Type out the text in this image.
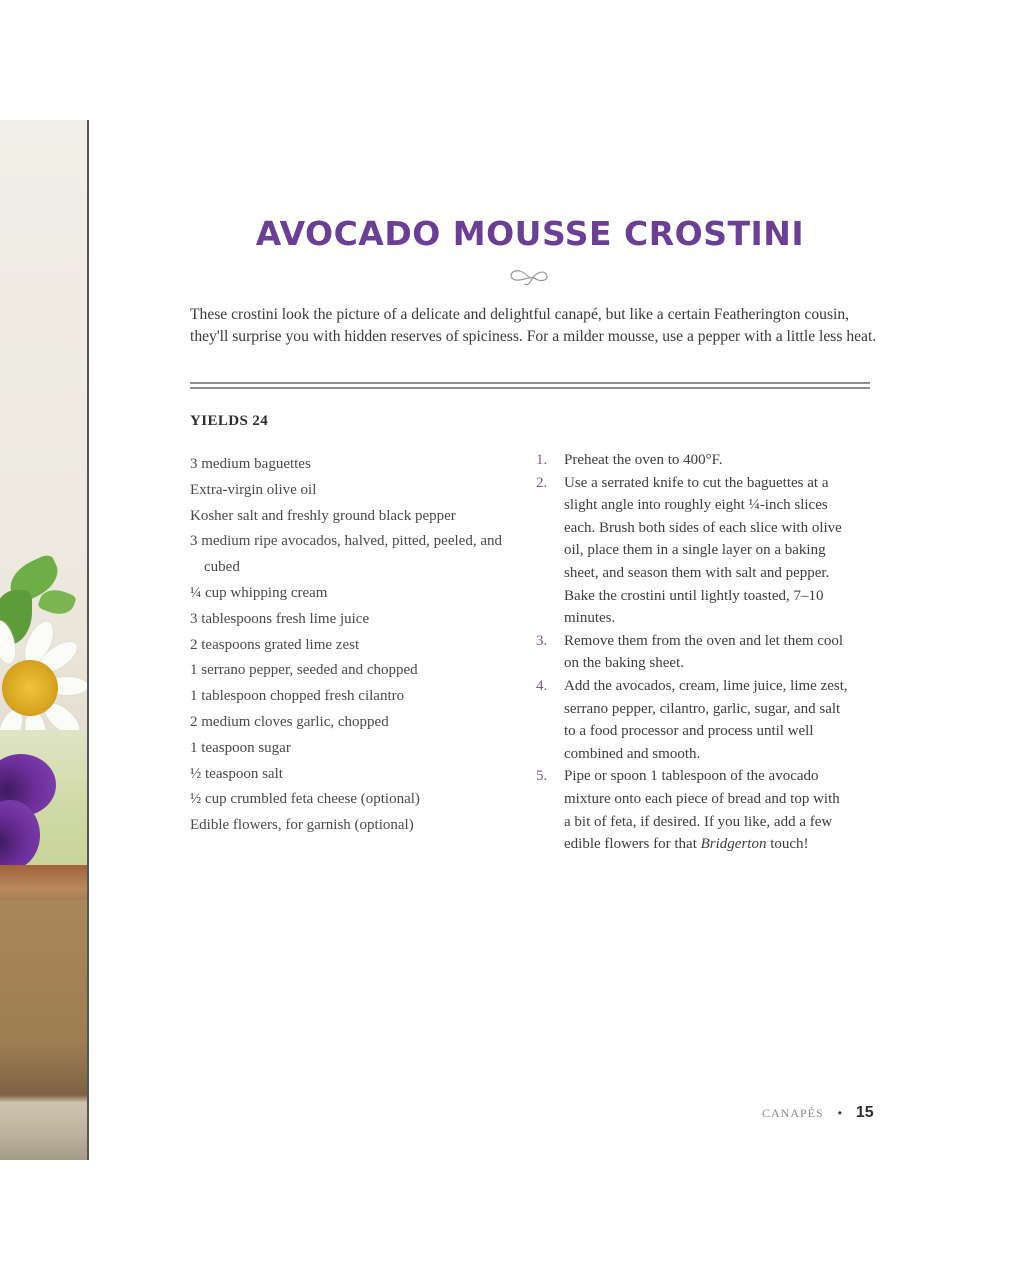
AVOCADO MOUSSE CROSTINI

These crostini look the picture of a delicate and delightful canapé, but like a certain Featherington cousin, they'll surprise you with hidden reserves of spiciness. For a milder mousse, use a pepper with a little less heat.

YIELDS 24
3 medium baguettes
Extra-virgin olive oil
Kosher salt and freshly ground black pepper
3 medium ripe avocados, halved, pitted, peeled, and cubed
¼ cup whipping cream
3 tablespoons fresh lime juice
2 teaspoons grated lime zest
1 serrano pepper, seeded and chopped
1 tablespoon chopped fresh cilantro
2 medium cloves garlic, chopped
1 teaspoon sugar
½ teaspoon salt
½ cup crumbled feta cheese (optional)
Edible flowers, for garnish (optional)
1. Preheat the oven to 400°F.
2. Use a serrated knife to cut the baguettes at a slight angle into roughly eight ¼-inch slices each. Brush both sides of each slice with olive oil, place them in a single layer on a baking sheet, and season them with salt and pepper. Bake the crostini until lightly toasted, 7–10 minutes.
3. Remove them from the oven and let them cool on the baking sheet.
4. Add the avocados, cream, lime juice, lime zest, serrano pepper, cilantro, garlic, sugar, and salt to a food processor and process until well combined and smooth.
5. Pipe or spoon 1 tablespoon of the avocado mixture onto each piece of bread and top with a bit of feta, if desired. If you like, add a few edible flowers for that Bridgerton touch!
CANAPÉS • 15
